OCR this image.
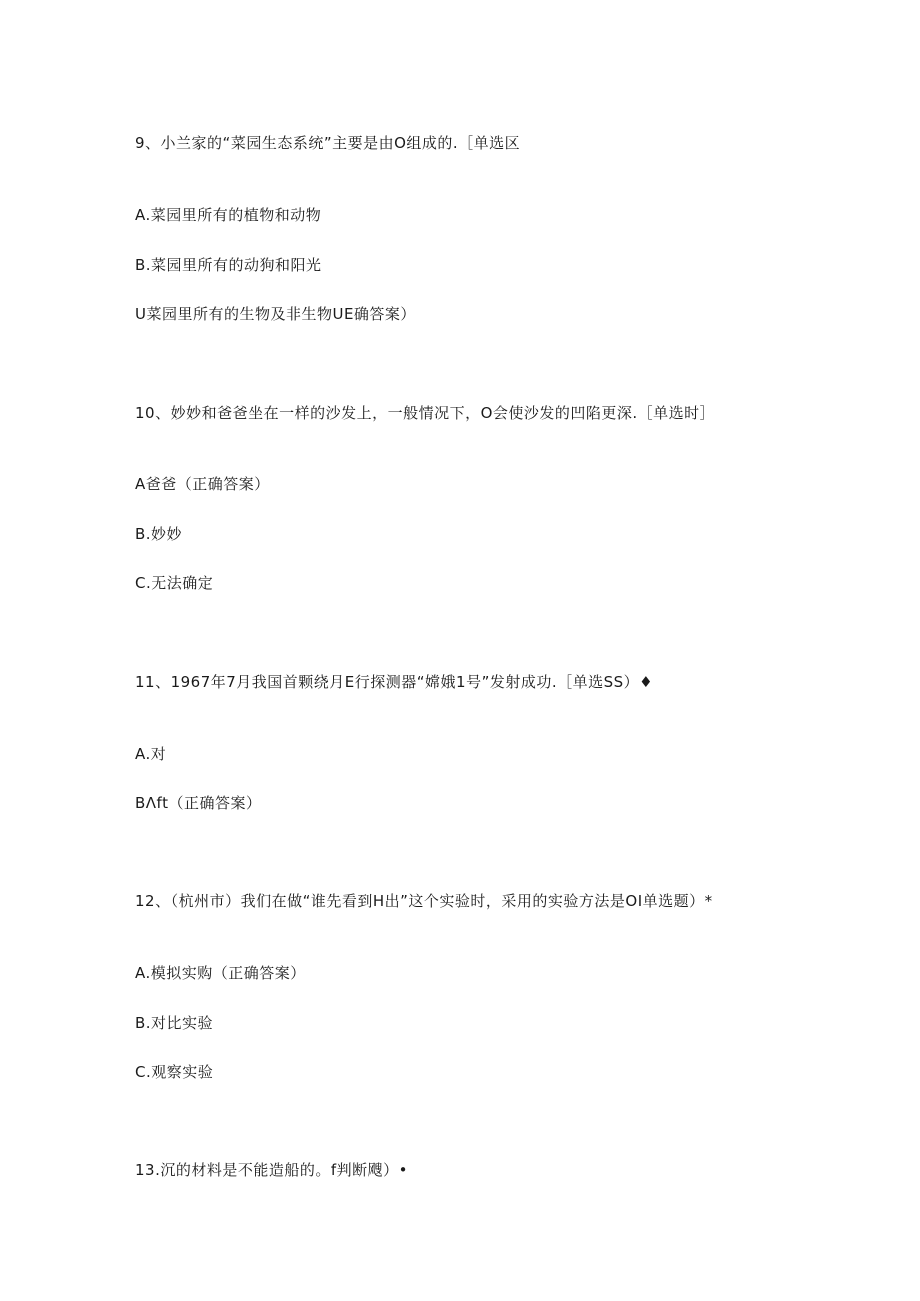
9、小兰家的“菜园生态系统”主要是由O组成的.［单选区
A.菜园里所有的植物和动物
B.菜园里所有的动狗和阳光
U菜园里所有的生物及非生物UE确答案）
10、妙妙和爸爸坐在一样的沙发上，一般情况下，O会使沙发的凹陷更深.［单选时］
A爸爸（正确答案）
B.妙妙
C.无法确定
11、1967年7月我国首颗绕月E行探测器“嫦娥1号”发射成功.［单选SS）♦
A.对
BΛft（正确答案）
12、（杭州市）我们在做“谁先看到H出”这个实验时，采用的实验方法是OI单选题）*
A.模拟实购（正确答案）
B.对比实验
C.观察实验
13.沉的材料是不能造船的。f判断飕）•
